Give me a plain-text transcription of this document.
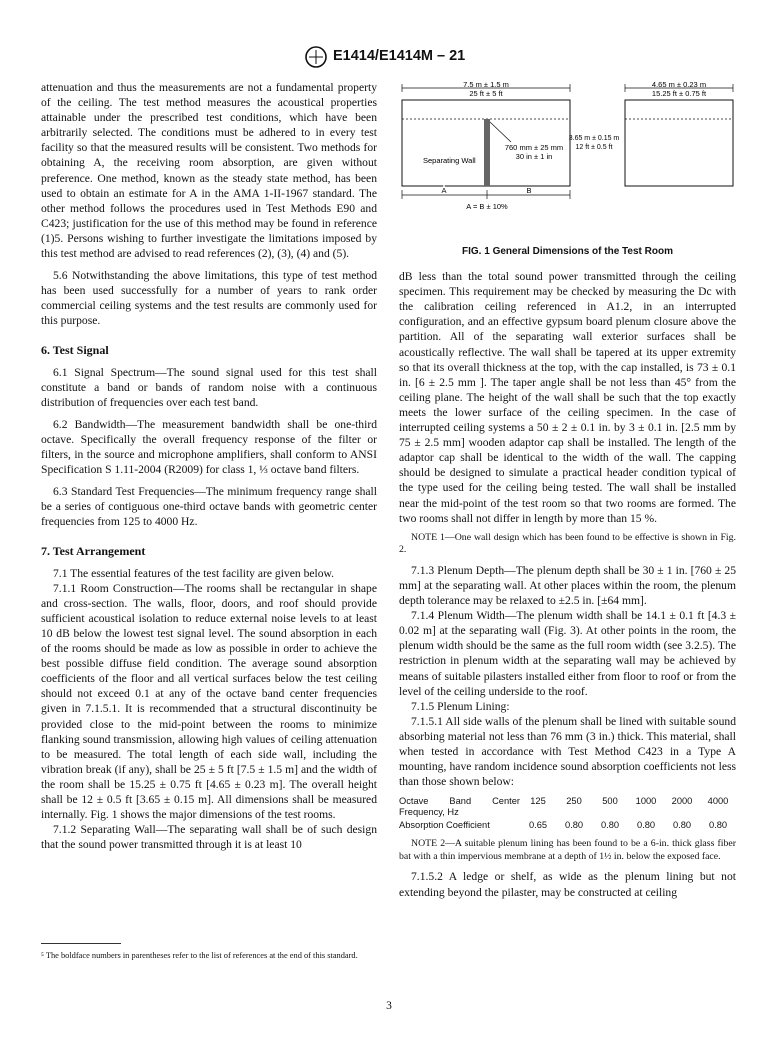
E1414/E1414M – 21

attenuation and thus the measurements are not a fundamental property of the ceiling. The test method measures the acoustical properties attainable under the prescribed test conditions, which have been arbitrarily selected. The conditions must be adhered to in every test facility so that the measured results will be consistent. Two methods for obtaining A, the receiving room absorption, are given without preference. One method, known as the steady state method, has been used to obtain an estimate for A in the AMA 1-II-1967 standard. The other method follows the procedures used in Test Methods E90 and C423; justification for the use of this method may be found in reference (1)5. Persons wishing to further investigate the limitations imposed by this test method are advised to read references (2), (3), (4) and (5).

5.6 Notwithstanding the above limitations, this type of test method has been used successfully for a number of years to rank order commercial ceiling systems and the test results are commonly used for this purpose.

6. Test Signal

6.1 Signal Spectrum—The sound signal used for this test shall constitute a band or bands of random noise with a continuous distribution of frequencies over each test band.

6.2 Bandwidth—The measurement bandwidth shall be one-third octave. Specifically the overall frequency response of the filter or filters, in the source and microphone amplifiers, shall conform to ANSI Specification S 1.11-2004 (R2009) for class 1, ⅓ octave band filters.

6.3 Standard Test Frequencies—The minimum frequency range shall be a series of contiguous one-third octave bands with geometric center frequencies from 125 to 4000 Hz.

7. Test Arrangement

7.1 The essential features of the test facility are given below.

7.1.1 Room Construction—The rooms shall be rectangular in shape and cross-section. The walls, floor, doors, and roof should provide sufficient acoustical isolation to reduce external noise levels to at least 10 dB below the lowest test signal level. The sound absorption in each of the rooms should be made as low as possible in order to achieve the best possible diffuse field condition. The average sound absorption coefficients of the floor and all vertical surfaces below the test ceiling should not exceed 0.1 at any of the octave band center frequencies given in 7.1.5.1. It is recommended that a structural discontinuity be provided close to the mid-point between the rooms to minimize flanking sound transmission, allowing high values of ceiling attenuation to be measured. The total length of each side wall, including the vibration break (if any), shall be 25 ± 5 ft [7.5 ± 1.5 m] and the width of the room shall be 15.25 ± 0.75 ft [4.65 ± 0.23 m]. The overall height shall be 12 ± 0.5 ft [3.65 ± 0.15 m]. All dimensions shall be measured internally. Fig. 1 shows the major dimensions of the test rooms.

7.1.2 Separating Wall—The separating wall shall be of such design that the sound power transmitted through it is at least 10

7.5 m ± 1.5 m
25 ft ± 5 ft
Separating Wall
760 mm ± 25 mm
30 in ± 1 in
3.65 m ± 0.15 m
12 ft ± 0.5 ft
A	B
A = B ± 10%
4.65 m ± 0.23 m
15.25 ft ± 0.75 ft
FIG. 1 General Dimensions of the Test Room

dB less than the total sound power transmitted through the ceiling specimen. This requirement may be checked by measuring the Dc with the calibration ceiling referenced in A1.2, in an interrupted configuration, and an effective gypsum board plenum closure above the partition. All of the separating wall exterior surfaces shall be acoustically reflective. The wall shall be tapered at its upper extremity so that its overall thickness at the top, with the cap installed, is 73 ± 0.1 in. [6 ± 2.5 mm ]. The taper angle shall be not less than 45° from the ceiling plane. The height of the wall shall be such that the top exactly meets the lower surface of the ceiling specimen. In the case of interrupted ceiling systems a 50 ± 2 ± 0.1 in. by 3 ± 0.1 in. [2.5 mm by 75 ± 2.5 mm] wooden adaptor cap shall be installed. The length of the adaptor cap shall be identical to the width of the wall. The capping should be designed to simulate a practical header condition typical of the type used for the ceiling being tested. The wall shall be installed near the mid-point of the test room so that two rooms are formed. The two rooms shall not differ in length by more than 15 %.

NOTE 1—One wall design which has been found to be effective is shown in Fig. 2.

7.1.3 Plenum Depth—The plenum depth shall be 30 ± 1 in. [760 ± 25 mm] at the separating wall. At other places within the room, the plenum depth tolerance may be relaxed to ±2.5 in. [±64 mm].

7.1.4 Plenum Width—The plenum width shall be 14.1 ± 0.1 ft [4.3 ± 0.02 m] at the separating wall (Fig. 3). At other points in the room, the plenum width should be the same as the full room width (see 3.2.5). The restriction in plenum width at the separating wall may be achieved by means of suitable pilasters installed either from floor to roof or from the level of the ceiling underside to the roof.

7.1.5 Plenum Lining:

7.1.5.1 All side walls of the plenum shall be lined with suitable sound absorbing material not less than 76 mm (3 in.) thick. This material, shall when tested in accordance with Test Method C423 in a Type A mounting, have random incidence sound absorption coefficients not less than those shown below:

Octave Band Center Frequency, Hz	125	250	500	1000	2000	4000
Absorption Coefficient	0.65	0.80	0.80	0.80	0.80	0.80

NOTE 2—A suitable plenum lining has been found to be a 6-in. thick glass fiber bat with a thin impervious membrane at a depth of 1½ in. below the exposed face.

7.1.5.2 A ledge or shelf, as wide as the plenum lining but not extending beyond the pilaster, may be constructed at ceiling

⁵ The boldface numbers in parentheses refer to the list of references at the end of this standard.
3
